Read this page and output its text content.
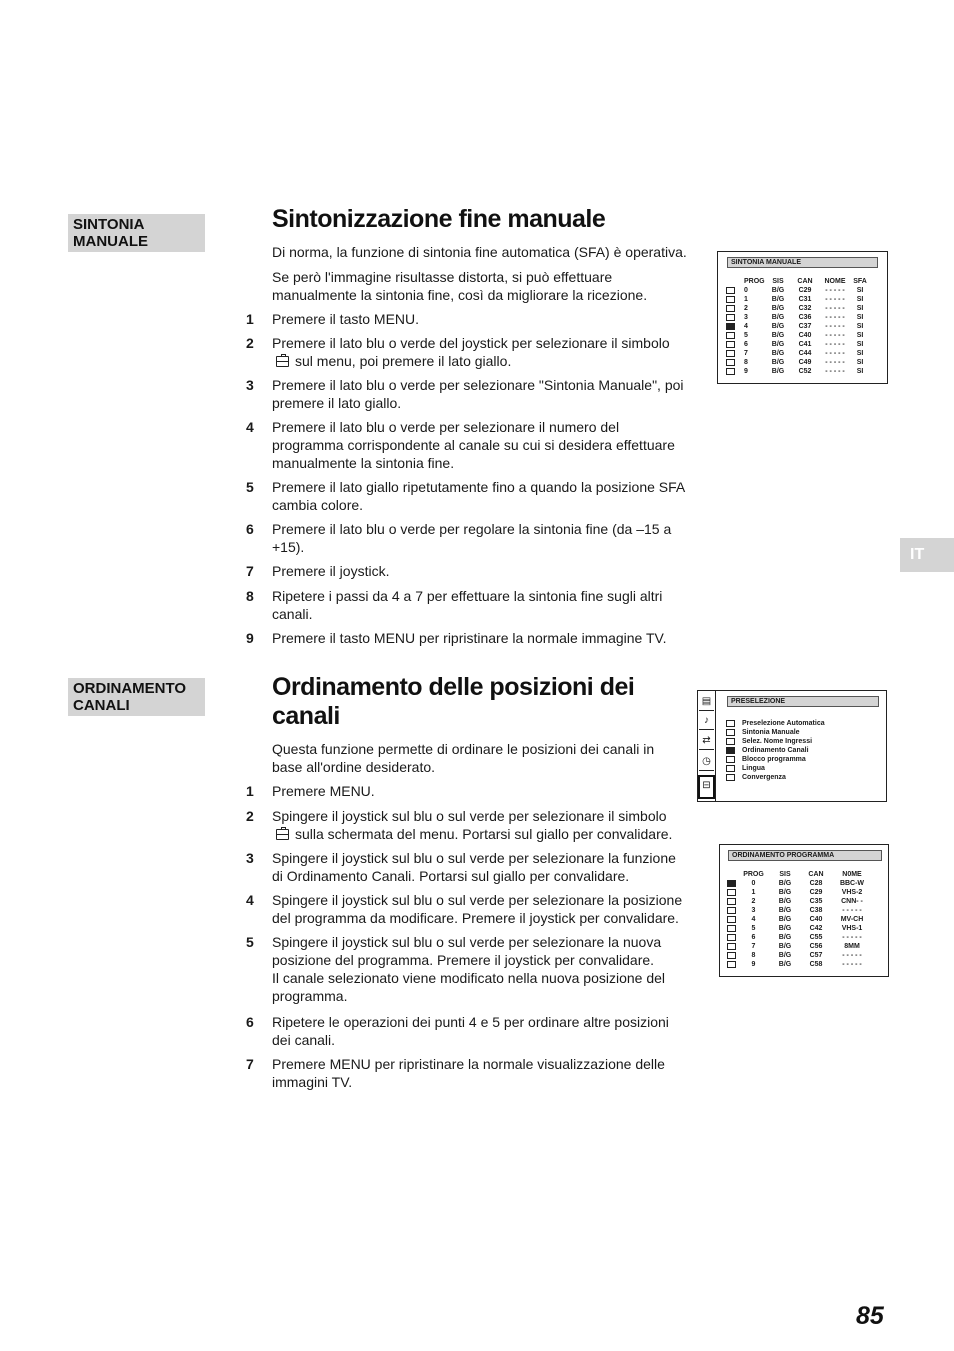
SINTONIA
MANUALE
Sintonizzazione fine manuale

Di norma, la funzione di sintonia fine automatica (SFA) è operativa.

Se però l'immagine risultasse distorta, si può effettuare manualmente la sintonia fine, così da migliorare la ricezione.

1 Premere il tasto MENU.
2 Premere il lato blu o verde del joystick per selezionare il simbolo
sul menu, poi premere il lato giallo.
3 Premere il lato blu o verde per selezionare "Sintonia Manuale", poi premere il lato giallo.
4 Premere il lato blu o verde per selezionare il numero del programma corrispondente al canale su cui si desidera effettuare manualmente la sintonia fine.
5 Premere il lato giallo ripetutamente fino a quando la posizione SFA cambia colore.
6 Premere il lato blu o verde per regolare la sintonia fine (da –15 a +15).
7 Premere il joystick.
8 Ripetere i passi da 4 a 7 per effettuare la sintonia fine sugli altri canali.
9 Premere il tasto MENU per ripristinare la normale immagine TV.
SINTONIA MANUALE
	PROG	SIS	CAN	NOME	SFA
	0	B/G	C29	- - - - -	SI
	1	B/G	C31	- - - - -	SI
	2	B/G	C32	- - - - -	SI
	3	B/G	C36	- - - - -	SI
	4	B/G	C37	- - - - -	SI
	5	B/G	C40	- - - - -	SI
	6	B/G	C41	- - - - -	SI
	7	B/G	C44	- - - - -	SI
	8	B/G	C49	- - - - -	SI
	9	B/G	C52	- - - - -	SI
ORDINAMENTO
CANALI
Ordinamento delle posizioni dei
canali

Questa funzione permette di ordinare le posizioni dei canali in base all'ordine desiderato.

1 Premere MENU.
2 Spingere il joystick sul blu o sul verde per selezionare il simbolo
sulla schermata del menu. Portarsi sul giallo per convalidare.
3 Spingere il joystick sul blu o sul verde per selezionare la funzione di Ordinamento Canali. Portarsi sul giallo per convalidare.
4 Spingere il joystick sul blu o sul verde per selezionare la posizione del programma da modificare. Premere il joystick per convalidare.
5 Spingere il joystick sul blu o sul verde per selezionare la nuova posizione del programma. Premere il joystick per convalidare.
Il canale selezionato viene modificato nella nuova posizione del programma.
6 Ripetere le operazioni dei punti 4 e 5 per ordinare altre posizioni dei canali.
7 Premere MENU per ripristinare la normale visualizzazione delle immagini TV.
▤
♪
⇄
◷
⊟
PRESELEZIONE
Preselezione Automatica
Sintonia Manuale
Selez. Nome Ingressi
Ordinamento Canali
Blocco programma
Lingua
Convergenza
ORDINAMENTO PROGRAMMA
	PROG	SIS	CAN	N0ME
	0	B/G	C28	BBC-W
	1	B/G	C29	VHS-2
	2	B/G	C35	CNN- -
	3	B/G	C38	- - - - -
	4	B/G	C40	MV-CH
	5	B/G	C42	VHS-1
	6	B/G	C55	- - - - -
	7	B/G	C56	8MM
	8	B/G	C57	- - - - -
	9	B/G	C58	- - - - -
IT
85
